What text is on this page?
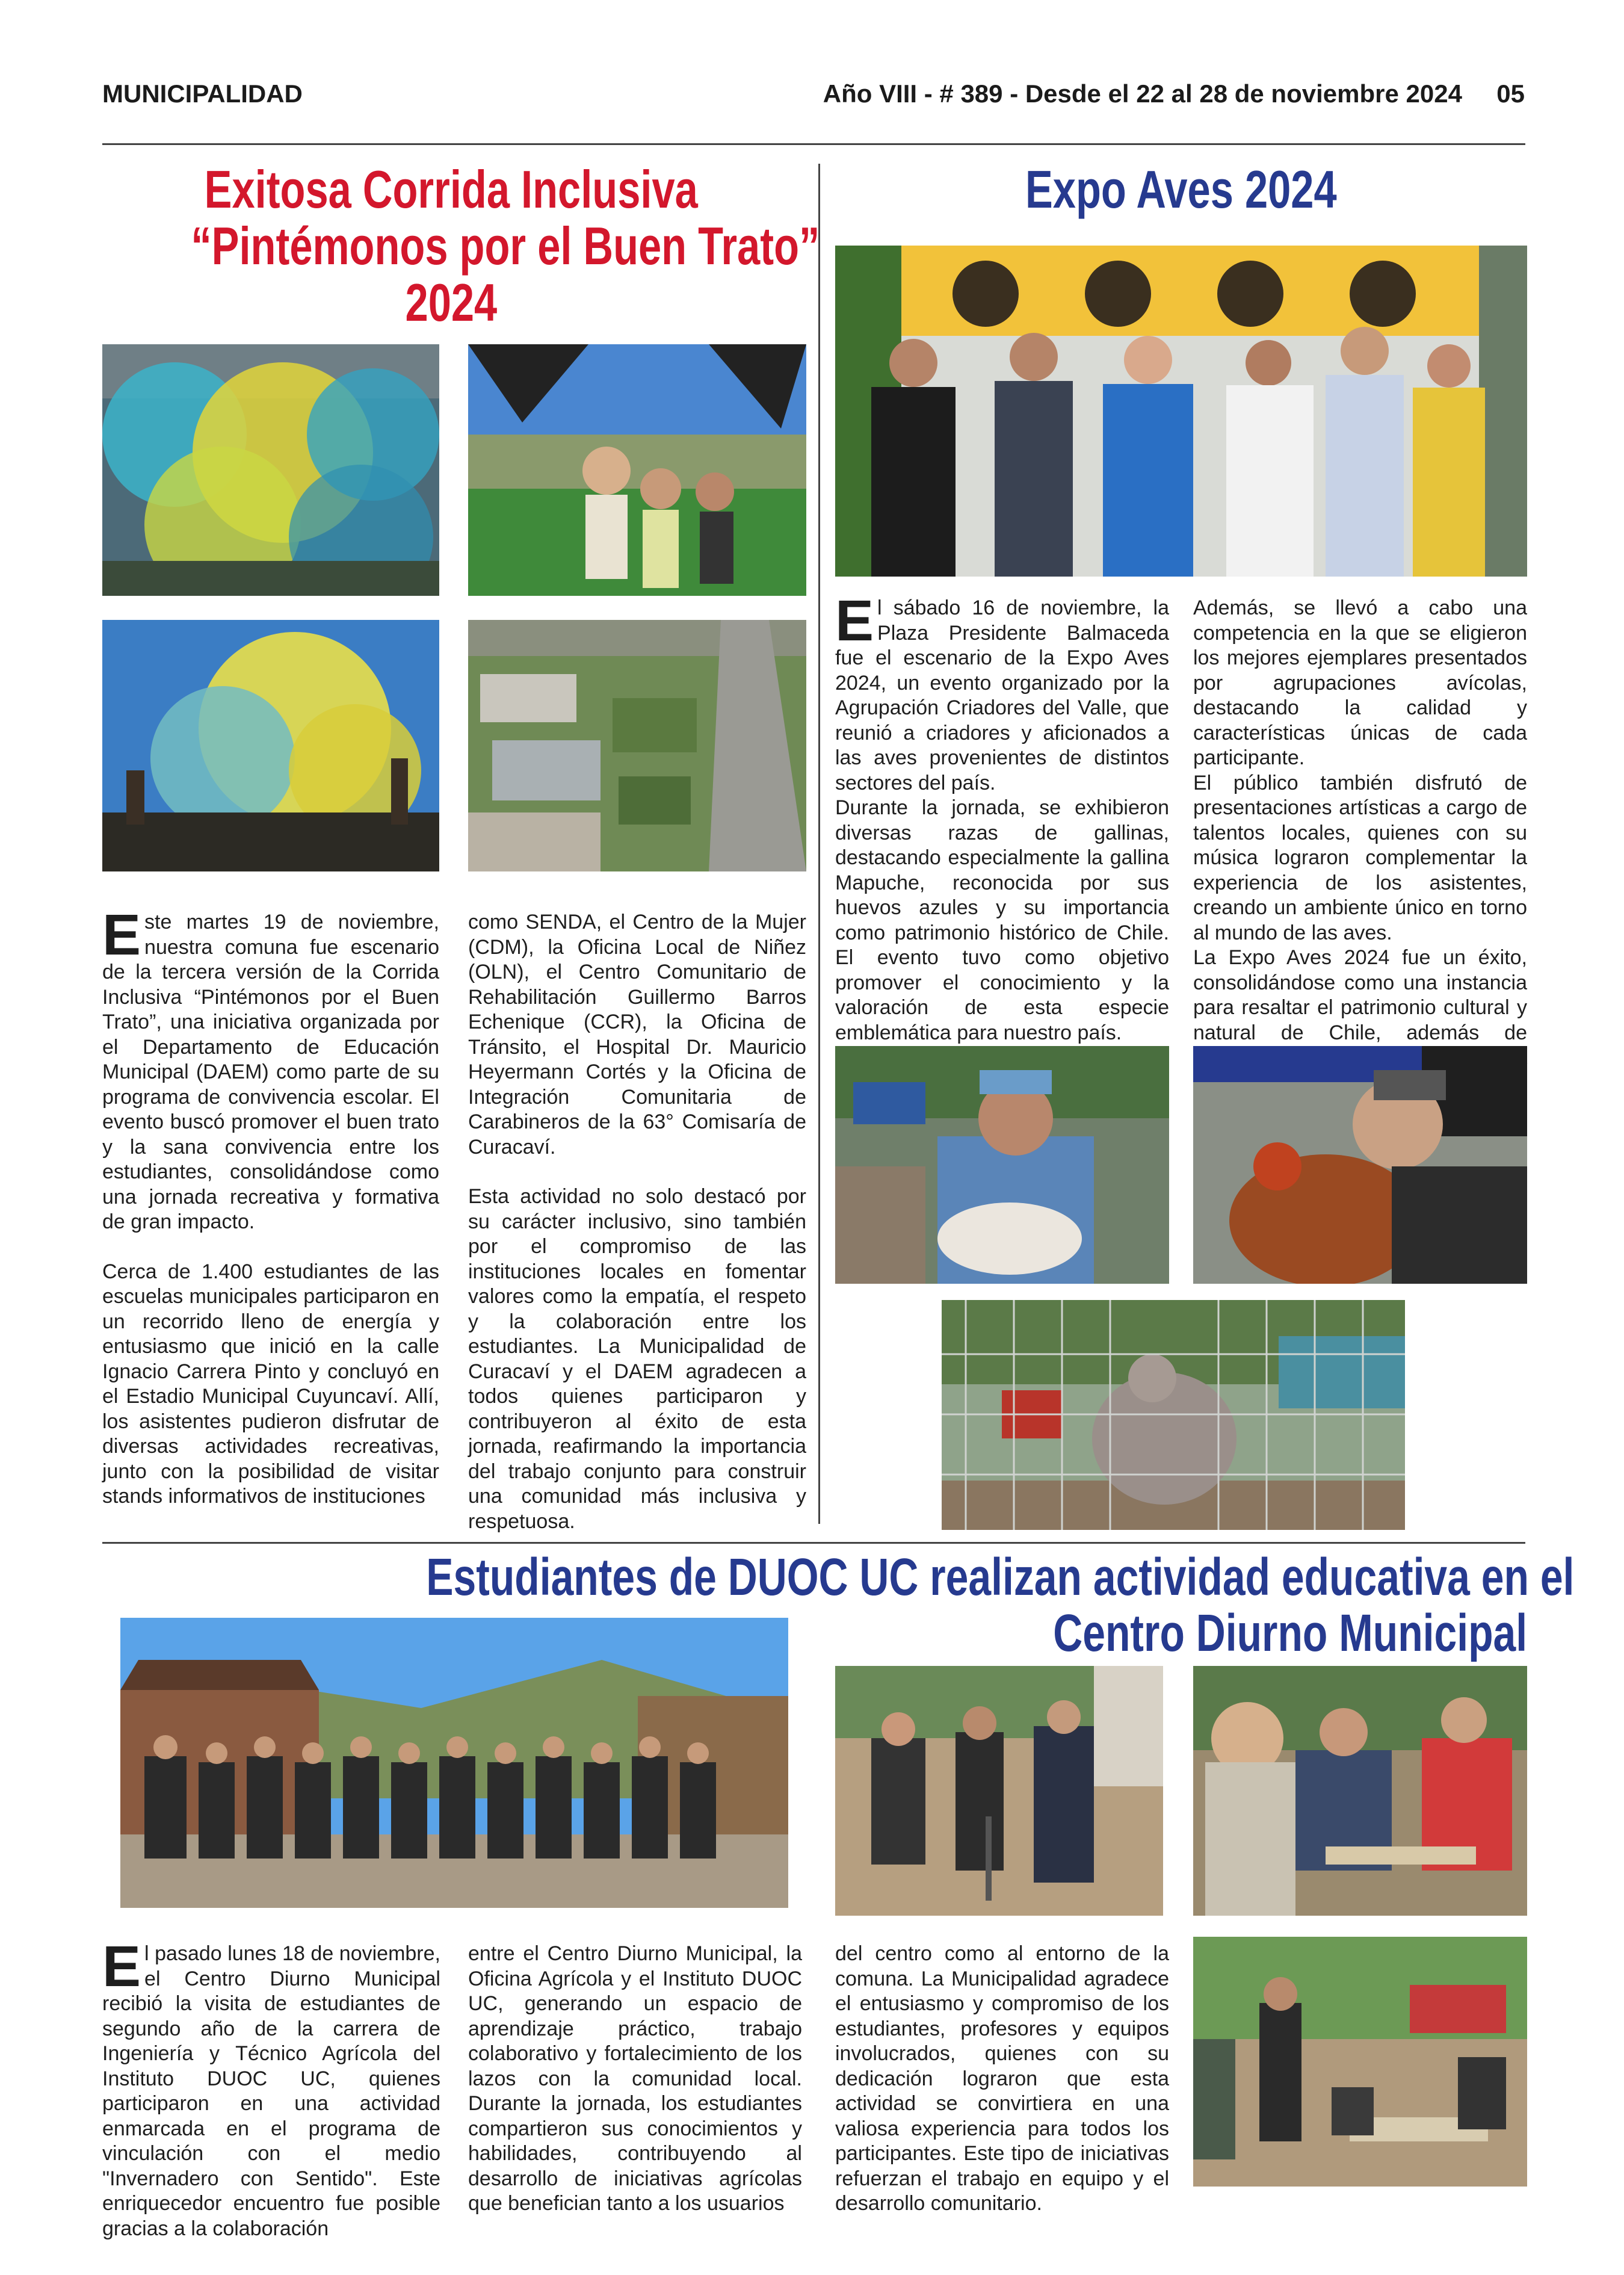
MUNICIPALIDAD	Año VIII - # 389 - Desde el 22 al 28 de noviembre 2024 05
Exitosa Corrida Inclusiva
“Pintémonos por el Buen Trato”
2024

Este martes 19 de noviembre, nuestra comuna fue escenario de la tercera versión de la Corrida Inclusiva “Pintémonos por el Buen Trato”, una iniciativa organizada por el Departamento de Educación Municipal (DAEM) como parte de su programa de convivencia escolar. El evento buscó promover el buen trato y la sana convivencia entre los estudiantes, consolidándose como una jornada recreativa y formativa de gran impacto.

Cerca de 1.400 estudiantes de las escuelas municipales participaron en un recorrido lleno de energía y entusiasmo que inició en la calle Ignacio Carrera Pinto y concluyó en el Estadio Municipal Cuyuncaví. Allí, los asistentes pudieron disfrutar de diversas actividades recreativas, junto con la posibilidad de visitar stands informativos de instituciones

como SENDA, el Centro de la Mujer (CDM), la Oficina Local de Niñez (OLN), el Centro Comunitario de Rehabilitación Guillermo Barros Echenique (CCR), la Oficina de Tránsito, el Hospital Dr. Mauricio Heyermann Cortés y la Oficina de Integración Comunitaria de Carabineros de la 63° Comisaría de Curacaví.

Esta actividad no solo destacó por su carácter inclusivo, sino también por el compromiso de las instituciones locales en fomentar valores como la empatía, el respeto y la colaboración entre los estudiantes. La Municipalidad de Curacaví y el DAEM agradecen a todos quienes participaron y contribuyeron al éxito de esta jornada, reafirmando la importancia del trabajo conjunto para construir una comunidad más inclusiva y respetuosa.

Expo Aves 2024

El sábado 16 de noviembre, la Plaza Presidente Balmaceda fue el escenario de la Expo Aves 2024, un evento organizado por la Agrupación Criadores del Valle, que reunió a criadores y aficionados a las aves provenientes de distintos sectores del país.

Durante la jornada, se exhibieron diversas razas de gallinas, destacando especialmente la gallina Mapuche, reconocida por sus huevos azules y su importancia como patrimonio histórico de Chile. El evento tuvo como objetivo promover el conocimiento y la valoración de esta especie emblemática para nuestro país.

Además, se llevó a cabo una competencia en la que se eligieron los mejores ejemplares presentados por agrupaciones avícolas, destacando la calidad y características únicas de cada participante.

El público también disfrutó de presentaciones artísticas a cargo de talentos locales, quienes con su música lograron complementar la experiencia de los asistentes, creando un ambiente único en torno al mundo de las aves.

La Expo Aves 2024 fue un éxito, consolidándose como una instancia para resaltar el patrimonio cultural y natural de Chile, además de

Estudiantes de DUOC UC realizan actividad educativa en el
Centro Diurno Municipal

El pasado lunes 18 de noviembre, el Centro Diurno Municipal recibió la visita de estudiantes de segundo año de la carrera de Ingeniería y Técnico Agrícola del Instituto DUOC UC, quienes participaron en una actividad enmarcada en el programa de vinculación con el medio "Invernadero con Sentido". Este enriquecedor encuentro fue posible gracias a la colaboración

entre el Centro Diurno Municipal, la Oficina Agrícola y el Instituto DUOC UC, generando un espacio de aprendizaje práctico, trabajo colaborativo y fortalecimiento de los lazos con la comunidad local. Durante la jornada, los estudiantes compartieron sus conocimientos y habilidades, contribuyendo al desarrollo de iniciativas agrícolas que benefician tanto a los usuarios

del centro como al entorno de la comuna. La Municipalidad agradece el entusiasmo y compromiso de los estudiantes, profesores y equipos involucrados, quienes con su dedicación lograron que esta actividad se convirtiera en una valiosa experiencia para todos los participantes. Este tipo de iniciativas refuerzan el trabajo en equipo y el desarrollo comunitario.
